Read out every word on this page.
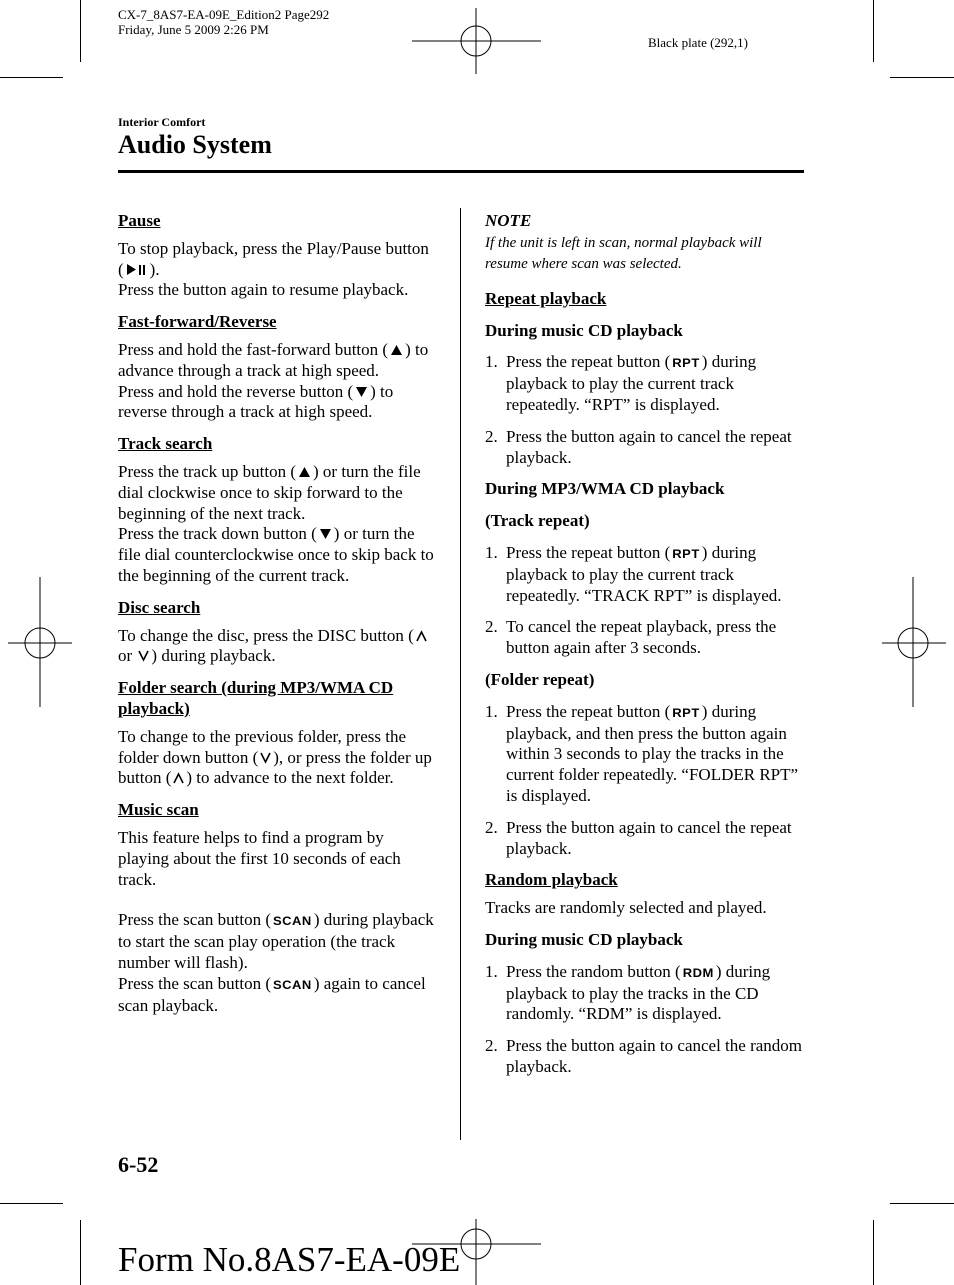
CX-7_8AS7-EA-09E_Edition2 Page292
Friday, June 5 2009 2:26 PM
Black plate (292,1)
Interior Comfort
Audio System

Pause

To stop playback, press the Play/Pause button ( ).
Press the button again to resume playback.

Fast-forward/Reverse

Press and hold the fast-forward button ( ) to advance through a track at high speed.
Press and hold the reverse button ( ) to reverse through a track at high speed.

Track search

Press the track up button ( ) or turn the file dial clockwise once to skip forward to the beginning of the next track.
Press the track down button ( ) or turn the file dial counterclockwise once to skip back to the beginning of the current track.

Disc search

To change the disc, press the DISC button ( or ) during playback.

Folder search (during MP3/WMA CD playback)

To change to the previous folder, press the folder down button ( ), or press the folder up button ( ) to advance to the next folder.

Music scan

This feature helps to find a program by playing about the first 10 seconds of each track.

Press the scan button ( SCAN ) during playback to start the scan play operation (the track number will flash).
Press the scan button ( SCAN ) again to cancel scan playback.

NOTE

If the unit is left in scan, normal playback will resume where scan was selected.

Repeat playback

During music CD playback

1. Press the repeat button ( RPT ) during playback to play the current track repeatedly. “RPT” is displayed.
2. Press the button again to cancel the repeat playback.

During MP3/WMA CD playback

(Track repeat)

1. Press the repeat button ( RPT ) during playback to play the current track repeatedly. “TRACK RPT” is displayed.
2. To cancel the repeat playback, press the button again after 3 seconds.

(Folder repeat)

1. Press the repeat button ( RPT ) during playback, and then press the button again within 3 seconds to play the tracks in the current folder repeatedly. “FOLDER RPT” is displayed.
2. Press the button again to cancel the repeat playback.

Random playback

Tracks are randomly selected and played.

During music CD playback

1. Press the random button ( RDM ) during playback to play the tracks in the CD randomly. “RDM” is displayed.
2. Press the button again to cancel the random playback.
6-52
Form No.8AS7-EA-09E
